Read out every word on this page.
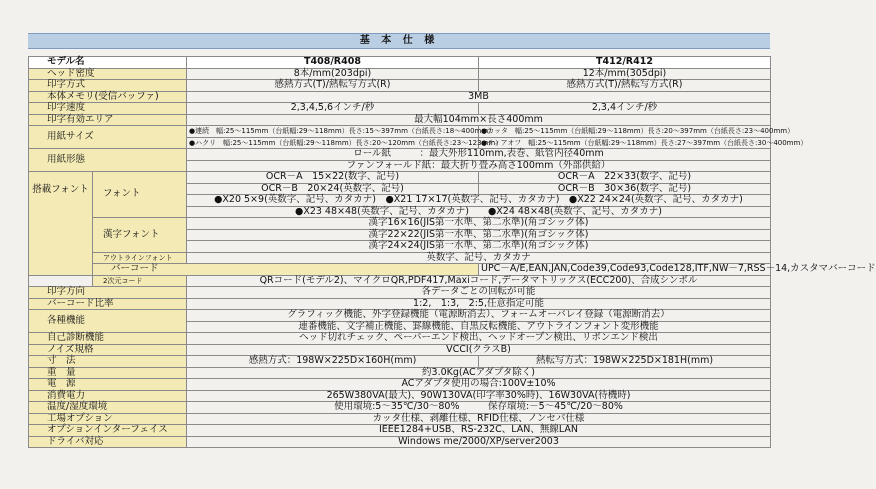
基 本 仕 様
モデル名		T408/R408	T412/R412
ヘッド密度		8本/mm(203dpi)	12本/mm(305dpi)
印字方式		感熱方式(T)/熱転写方式(R)	感熱方式(T)/熱転写方式(R)
本体メモリ(受信バッファ)		3MB	
印字速度		2,3,4,5,6インチ/秒	2,3,4インチ/秒
印字有効エリア		最大幅104mm×長さ400mm	
用紙サイズ		●連続　幅:25～115mm（台紙幅:29～118mm）長さ:15～397mm（台紙長さ:18～400mm）	●カッタ　幅:25～115mm（台紙幅:29～118mm）長さ:20～397mm（台紙長さ:23～400mm）
		●ハクリ　幅:25～115mm（台紙幅:29～118mm）長さ:20～120mm（台紙長さ:23～123mm）	●ティアオフ　幅:25～115mm（台紙幅:29～118mm）長さ:27～397mm（台紙長さ:30～400mm）
用紙形態		ロール紙　　　：最大外形110mm,表巻、紙管内径40mm	
		ファンフォールド紙：最大折り畳み高さ100mm（外部供給）	
搭載フォント	フォント	OCR－A　15×22(数字、記号)	OCR－A　22×33(数字、記号)
		OCR－B　20×24(英数字、記号)	OCR－B　30×36(数字、記号)
		●X20 5×9(英数字、記号、カタカナ)　●X21 17×17(英数字、記号、カタカナ)　●X22 24×24(英数字、記号、カタカナ)	
		●X23 48×48(英数字、記号、カタカナ)　　●X24 48×48(英数字、記号、カタカナ)	
	漢字フォント	漢字16×16(JIS第一水準、第二水準)(角ゴシック体)	
		漢字22×22(JIS第一水準、第二水準)(角ゴシック体)	
		漢字24×24(JIS第一水準、第二水準)(角ゴシック体)	
	アウトラインフォント	英数字、記号、カタカナ	
	バーコード		UPC－A/E,EAN,JAN,Code39,Code93,Code128,ITF,NW－7,RSS－14,カスタマバーコード
	2次元コード	QRコード(モデル2)、マイクロQR,PDF417,Maxiコード,データマトリックス(ECC200)、合成シンボル	
印字方向		各データごとの回転が可能	
バーコード比率		1:2,　1:3,　2:5,任意指定可能	
各種機能		グラフィック機能、外字登録機能（電源断消去）、フォームオーバレイ登録（電源断消去）	
		連番機能、文字補正機能、罫線機能、自黒反転機能、アウトラインフォント変形機能	
自己診断機能		ヘッド切れチェック、ペーパーエンド検出、ヘッドオープン検出、リボンエンド検出	
ノイズ規格		VCCI(クラスB)	
寸　法		感熱方式：198W×225D×160H(mm)	熱転写方式：198W×225D×181H(mm)
重　量		約3.0Kg(ACアダプタ除く)	
電　源		ACアダプタ使用の場合:100V±10%	
消費電力		265W380VA(最大)、90W130VA(印字率30%時)、16W30VA(待機時)	
温度/湿度環境		使用環境:5～35℃/30～80%　　　保存環境:－5～45℃/20～80%	
工場オプション		カッタ仕様、剥離仕様、RFID仕様、ノンセパ仕様	
オプションインターフェイス		IEEE1284+USB、RS-232C、LAN、無線LAN	
ドライバ対応		Windows me/2000/XP/server2003	
